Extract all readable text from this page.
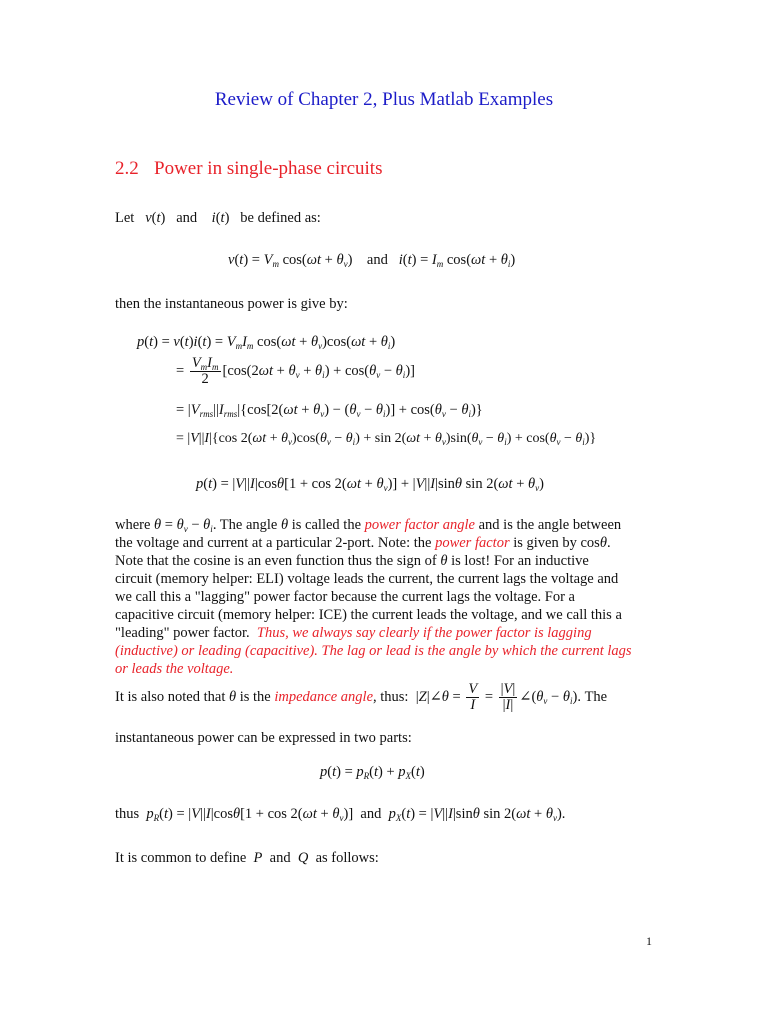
Review of Chapter 2, Plus Matlab Examples
2.2 Power in single-phase circuits
Let v(t)   and i(t)   be defined as:
$v(t) = V_m$ $\cos(\omega t + \theta_v)$    and $i(t) = I_m$ $\cos(\omega t + \theta_i)$
then the instantaneous power is give by:
$p(t) = v(t)i(t) = V_mI_m$ $\cos(\omega t + \theta_v)\cos(\omega t + \theta_i)$
= $\frac{V_mI_m}{2} [\cos(2\omega t + \theta_v + \theta_i) + \cos(\theta_v - \theta_i)]$
= $|V_{rms}||I_{rms}|\{\cos[2(\omega t + \theta_v) - (\theta_v - \theta_i)] + \cos(\theta_v - \theta_i)\}$
= |V||I|{cos $2(\omega t + \theta_v)\cos(\theta_v - \theta_i) + \sin 2(\omega t + \theta_v)\sin(\theta_v - \theta_i) + \cos(\theta_v - \theta_i)$}
$p(t) = |V||I|\cos\theta[1 + \cos 2(\omega t + \theta_v)] + |V||I|\sin\theta$ $\sin 2(\omega t + \theta_v)$
where $\theta = \theta_v - \theta_i$. The angle θ is called the power factor angle and is the angle between
the voltage and current at a particular 2-port. Note: the power factor is given by cosθ.
Note that the cosine is an even function thus the sign of θ is lost! For an inductive
circuit (memory helper: ELI) voltage leads the current, the current lags the voltage and
we call this a "lagging" power factor because the current lags the voltage. For a
capacitive circuit (memory helper: ICE) the current leads the voltage, and we call this a
"leading" power factor. Thus, we always say clearly if the power factor is lagging
(inductive) or leading (capacitive). The lag or lead is the angle by which the current lags
or leads the voltage.
It is also noted that θ is the impedance angle, thus: |Z|∠θ = $\frac{V}{I} = \frac{|V|}{|I|}$ $\angle(\theta_v - \theta_i)$. The
instantaneous power can be expressed in two parts:
$p(t) = p_R(t) + p_X(t)$
thus $p_R(t) = |V||I|\cos\theta[1 + \cos 2(\omega t + \theta_v)]$ and $p_X(t) = |V||I|\sin\theta$ $\sin 2(\omega t + \theta_v)$.
It is common to define P and Q as follows:
1
